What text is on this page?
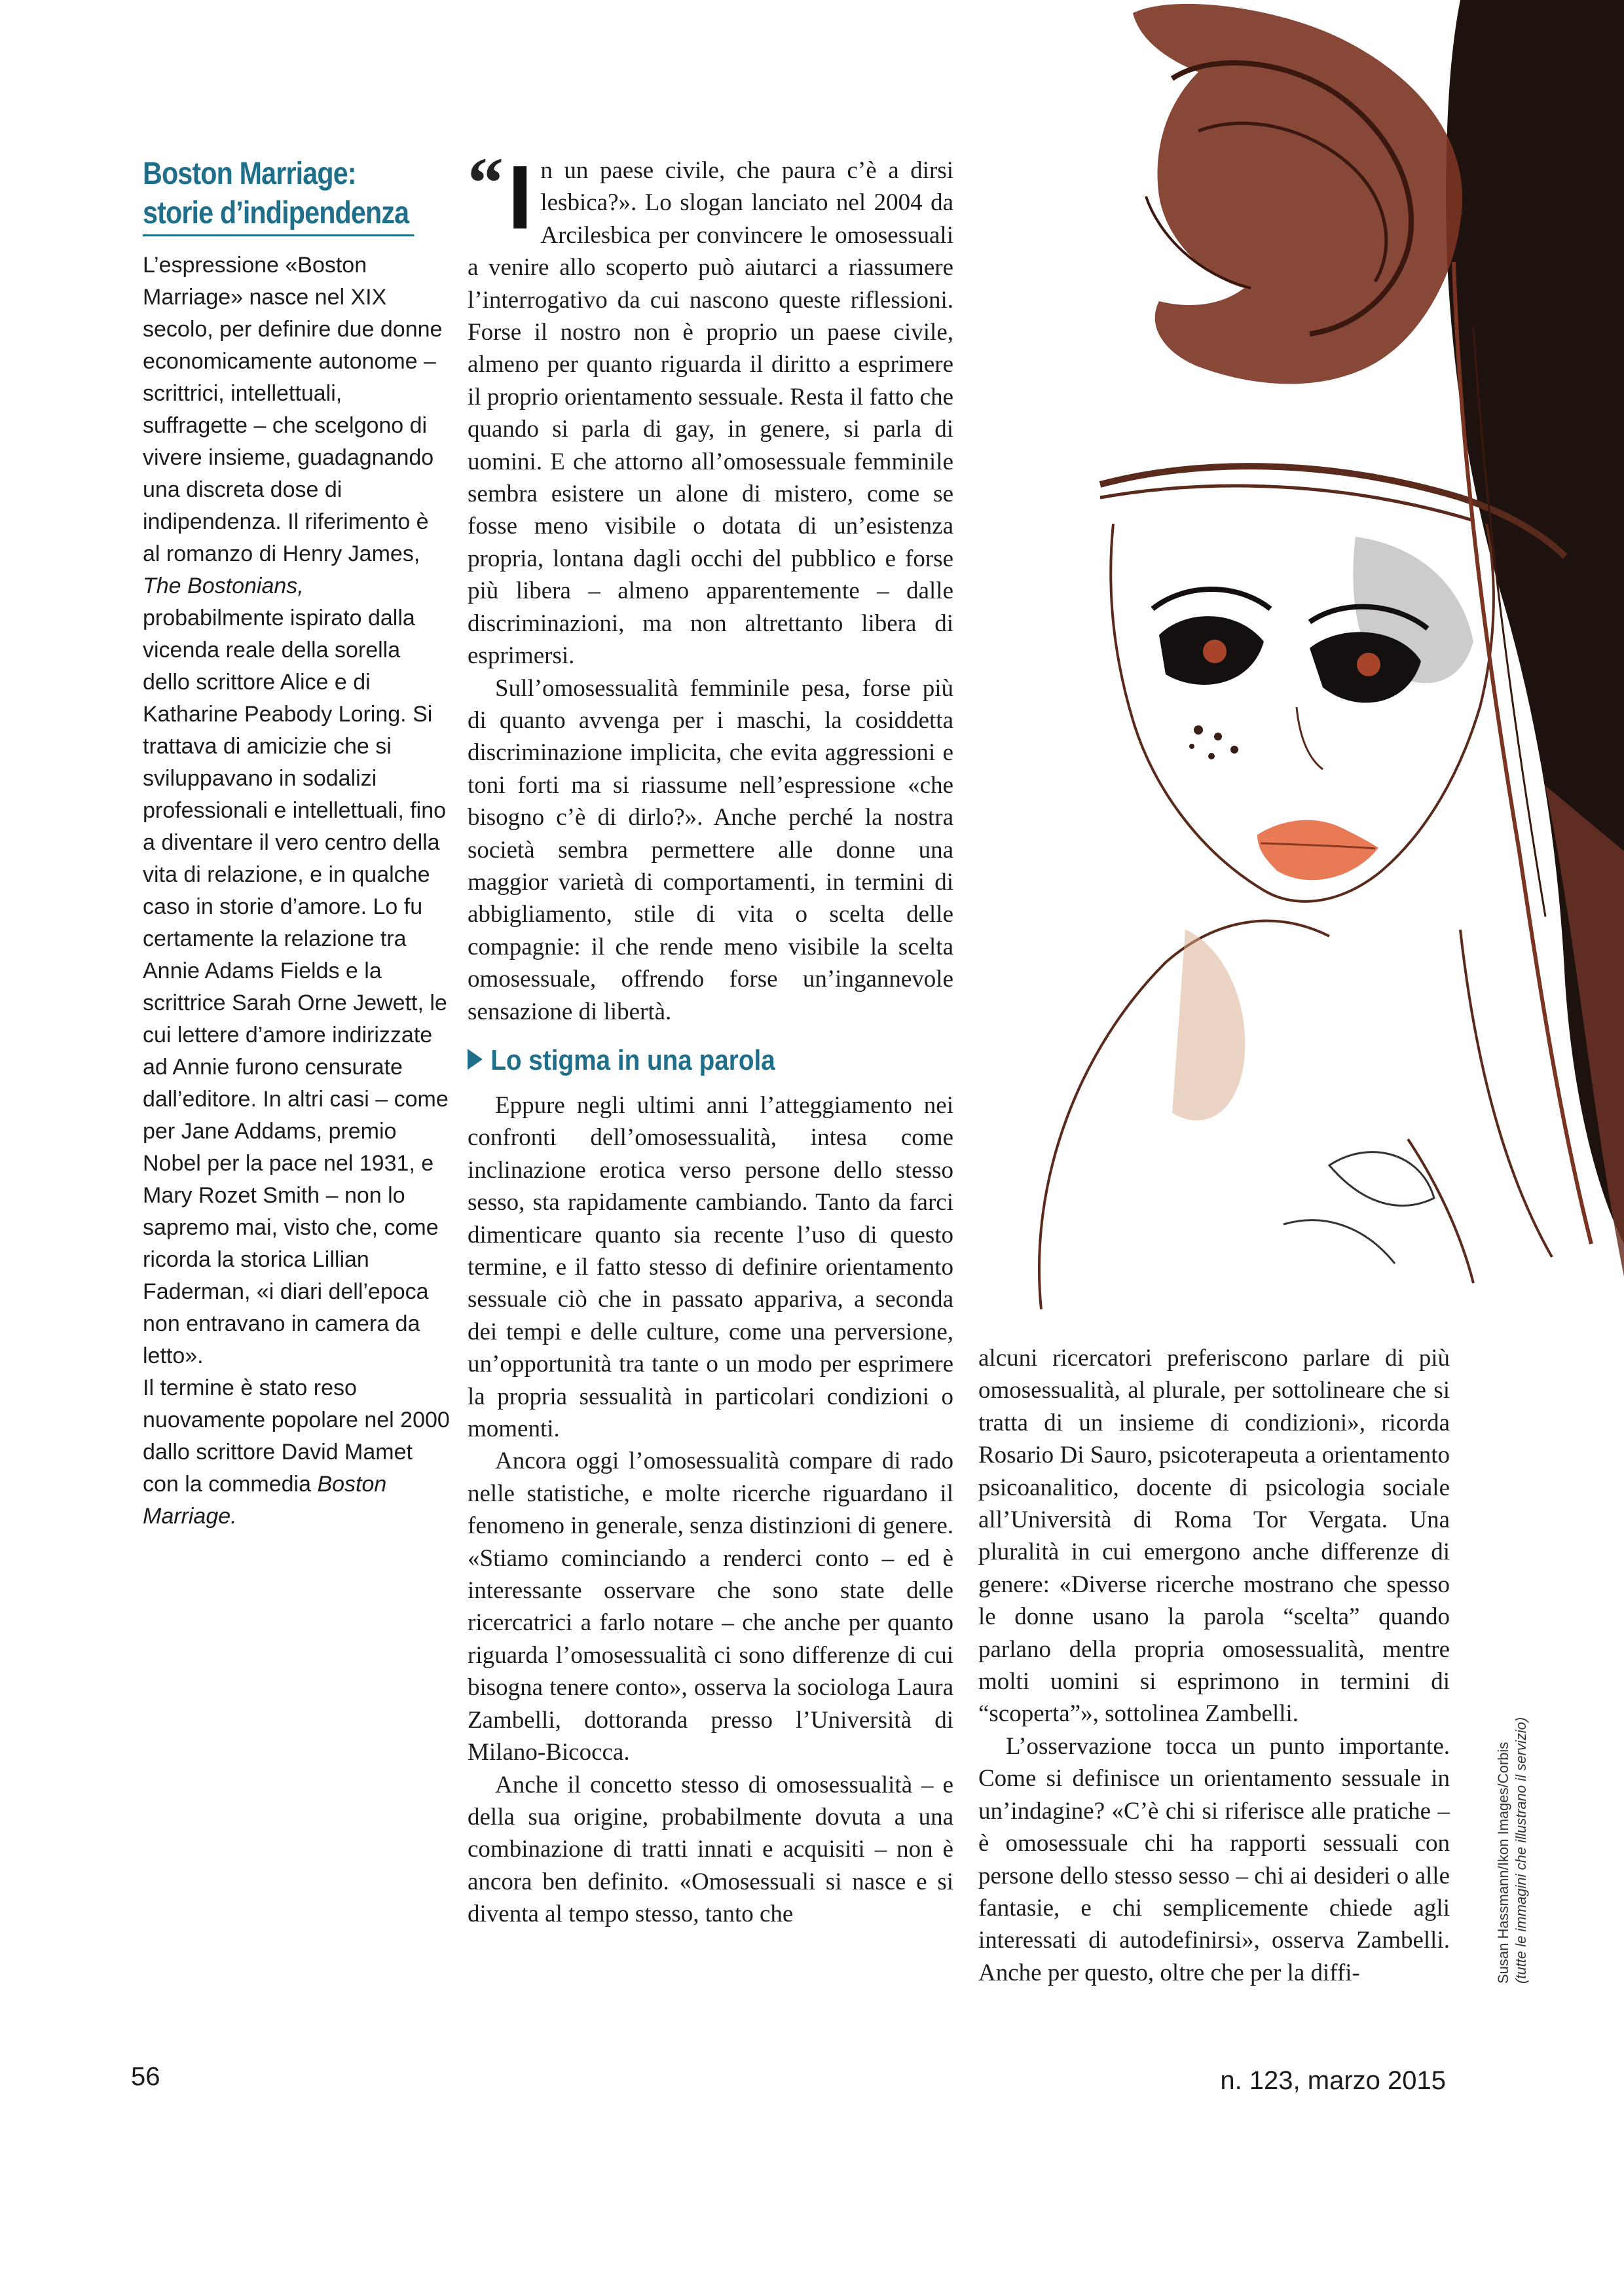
Boston Marriage:
storie d’indipendenza

L’espressione «Boston Marriage» nasce nel XIX secolo, per definire due donne economicamente autonome – scrittrici, intellettuali, suffragette – che scelgono di vivere insieme, guadagnando una discreta dose di indipendenza. Il riferimento è al romanzo di Henry James, The Bostonians, probabilmente ispirato dalla vicenda reale della sorella dello scrittore Alice e di Katharine Peabody Loring. Si trattava di amicizie che si sviluppavano in sodalizi professionali e intellettuali, fino a diventare il vero centro della vita di relazione, e in qualche caso in storie d’amore. Lo fu certamente la relazione tra Annie Adams Fields e la scrittrice Sarah Orne Jewett, le cui lettere d’amore indirizzate ad Annie furono censurate dall’editore. In altri casi – come per Jane Addams, premio Nobel per la pace nel 1931, e Mary Rozet Smith – non lo sapremo mai, visto che, come ricorda la storica Lillian Faderman, «i diari dell’epoca non entravano in camera da letto».

Il termine è stato reso nuovamente popolare nel 2000 dallo scrittore David Mamet con la commedia Boston Marriage.

“ I n un paese civile, che paura c’è a dirsi lesbica?». Lo slogan lanciato nel 2004 da Arcilesbica per convincere le omosessuali a venire allo scoperto può aiutarci a riassumere l’interrogativo da cui nascono queste riflessioni. Forse il nostro non è proprio un paese civile, almeno per quanto riguarda il diritto a esprimere il proprio orientamento sessuale. Resta il fatto che quando si parla di gay, in genere, si parla di uomini. E che attorno all’omosessuale femminile sembra esistere un alone di mistero, come se fosse meno visibile o dotata di un’esistenza propria, lontana dagli occhi del pubblico e forse più libera – almeno apparentemente – dalle discriminazioni, ma non altrettanto libera di esprimersi.

Sull’omosessualità femminile pesa, forse più di quanto avvenga per i maschi, la cosiddetta discriminazione implicita, che evita aggressioni e toni forti ma si riassume nell’espressione «che bisogno c’è di dirlo?». Anche perché la nostra società sembra permettere alle donne una maggior varietà di comportamenti, in termini di abbigliamento, stile di vita o scelta delle compagnie: il che rende meno visibile la scelta omosessuale, offrendo forse un’ingannevole sensazione di libertà.

Lo stigma in una parola

Eppure negli ultimi anni l’atteggiamento nei confronti dell’omosessualità, intesa come inclinazione erotica verso persone dello stesso sesso, sta rapidamente cambiando. Tanto da farci dimenticare quanto sia recente l’uso di questo termine, e il fatto stesso di definire orientamento sessuale ciò che in passato appariva, a seconda dei tempi e delle culture, come una perversione, un’opportunità tra tante o un modo per esprimere la propria sessualità in particolari condizioni o momenti.

Ancora oggi l’omosessualità compare di rado nelle statistiche, e molte ricerche riguardano il fenomeno in generale, senza distinzioni di genere. «Stiamo cominciando a renderci conto – ed è interessante osservare che sono state delle ricercatrici a farlo notare – che anche per quanto riguarda l’omosessualità ci sono differenze di cui bisogna tenere conto», osserva la sociologa Laura Zambelli, dottoranda presso l’Università di Milano-Bicocca.

Anche il concetto stesso di omosessualità – e della sua origine, probabilmente dovuta a una combinazione di tratti innati e acquisiti – non è ancora ben definito. «Omosessuali si nasce e si diventa al tempo stesso, tanto che

alcuni ricercatori preferiscono parlare di più omosessualità, al plurale, per sottolineare che si tratta di un insieme di condizioni», ricorda Rosario Di Sauro, psicoterapeuta a orientamento psicoanalitico, docente di psicologia sociale all’Università di Roma Tor Vergata. Una pluralità in cui emergono anche differenze di genere: «Diverse ricerche mostrano che spesso le donne usano la parola “scelta” quando parlano della propria omosessualità, mentre molti uomini si esprimono in termini di “scoperta”», sottolinea Zambelli.

L’osservazione tocca un punto importante. Come si definisce un orientamento sessuale in un’indagine? «C’è chi si riferisce alle pratiche – è omosessuale chi ha rapporti sessuali con persone dello stesso sesso – chi ai desideri o alle fantasie, e chi semplicemente chiede agli interessati di autodefinirsi», osserva Zambelli. Anche per questo, oltre che per la diffi-	Susan Hassmann/Ikon Images/Corbis (tutte le immagini che illustrano il servizio)
56	n. 123, marzo 2015
